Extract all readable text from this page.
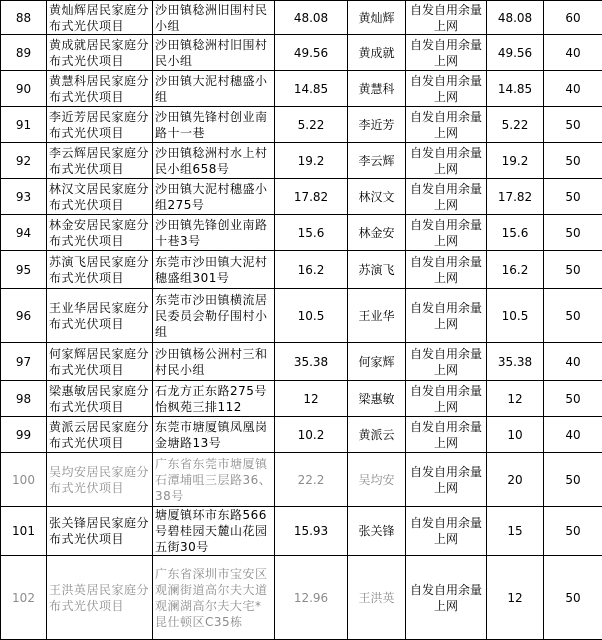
88	黄灿辉居民家庭分布式光伏项目	沙田镇稔洲旧围村民小组	48.08	黄灿辉	自发自用余量上网	48.08	60
89	黄成就居民家庭分布式光伏项目	沙田镇稔洲村旧围村民小组	49.56	黄成就	自发自用余量上网	49.56	40
90	黄慧科居民家庭分布式光伏项目	沙田镇大泥村穗盛小组	14.85	黄慧科	自发自用余量上网	14.85	40
91	李近芳居民家庭分布式光伏项目	沙田镇先锋村创业南路十一巷	5.22	李近芳	自发自用余量上网	5.22	50
92	李云辉居民家庭分布式光伏项目	沙田镇稔洲村水上村民小组658号	19.2	李云辉	自发自用余量上网	19.2	50
93	林汉文居民家庭分布式光伏项目	沙田镇大泥村穗盛小组275号	17.82	林汉文	自发自用余量上网	17.82	50
94	林金安居民家庭分布式光伏项目	沙田镇先锋创业南路十巷3号	15.6	林金安	自发自用余量上网	15.6	50
95	苏演飞居民家庭分布式光伏项目	东莞市沙田镇大泥村穗盛组301号	16.2	苏演飞	自发自用余量上网	16.2	50
96	王业华居民家庭分布式光伏项目	东莞市沙田镇横流居民委员会勒仔围村小组	10.5	王业华	自发自用余量上网	10.5	50
97	何家辉居民家庭分布式光伏项目	沙田镇杨公洲村三和村民小组	35.38	何家辉	自发自用余量上网	35.38	40
98	梁惠敏居民家庭分布式光伏项目	石龙方正东路275号怡枫苑三排112	12	梁惠敏	自发自用余量上网	12	50
99	黄派云居民家庭分布式光伏项目	东莞市塘厦镇凤凰岗金塘路13号	10.2	黄派云	自发自用余量上网	10	40
100	吴均安居民家庭分布式光伏项目	广东省东莞市塘厦镇石潭埔咀三层路36、38号	22.2	吴均安	自发自用余量上网	20	50
101	张关锋居民家庭分布式光伏项目	塘厦镇环市东路566号碧桂园天麓山花园五街30号	15.93	张关锋	自发自用余量上网	15	50
102	王洪英居民家庭分布式光伏项目	广东省深圳市宝安区观澜街道高尔夫大道观澜湖高尔夫大宅*昆仕顿区C35栋	12.96	王洪英	自发自用余量上网	12	50
